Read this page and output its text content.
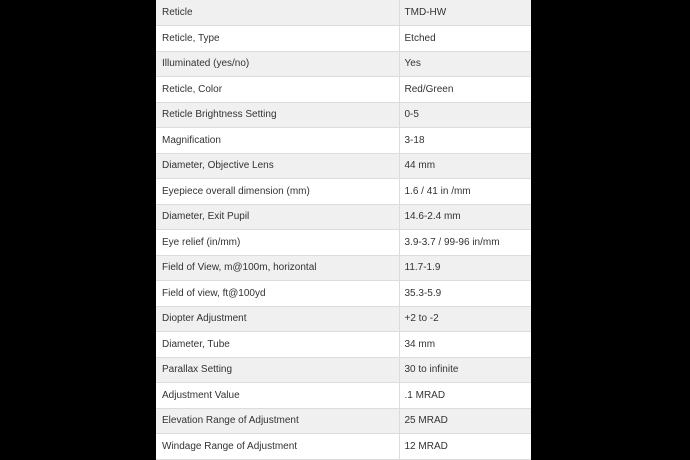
Reticle	TMD-HW
Reticle, Type	Etched
Illuminated (yes/no)	Yes
Reticle, Color	Red/Green
Reticle Brightness Setting	0-5
Magnification	3-18
Diameter, Objective Lens	44 mm
Eyepiece overall dimension (mm)	1.6 / 41 in /mm
Diameter, Exit Pupil	14.6-2.4 mm
Eye relief (in/mm)	3.9-3.7 / 99-96 in/mm
Field of View, m@100m, horizontal	11.7-1.9
Field of view, ft@100yd	35.3-5.9
Diopter Adjustment	+2 to -2
Diameter, Tube	34 mm
Parallax Setting	30 to infinite
Adjustment Value	.1 MRAD
Elevation Range of Adjustment	25 MRAD
Windage Range of Adjustment	12 MRAD
